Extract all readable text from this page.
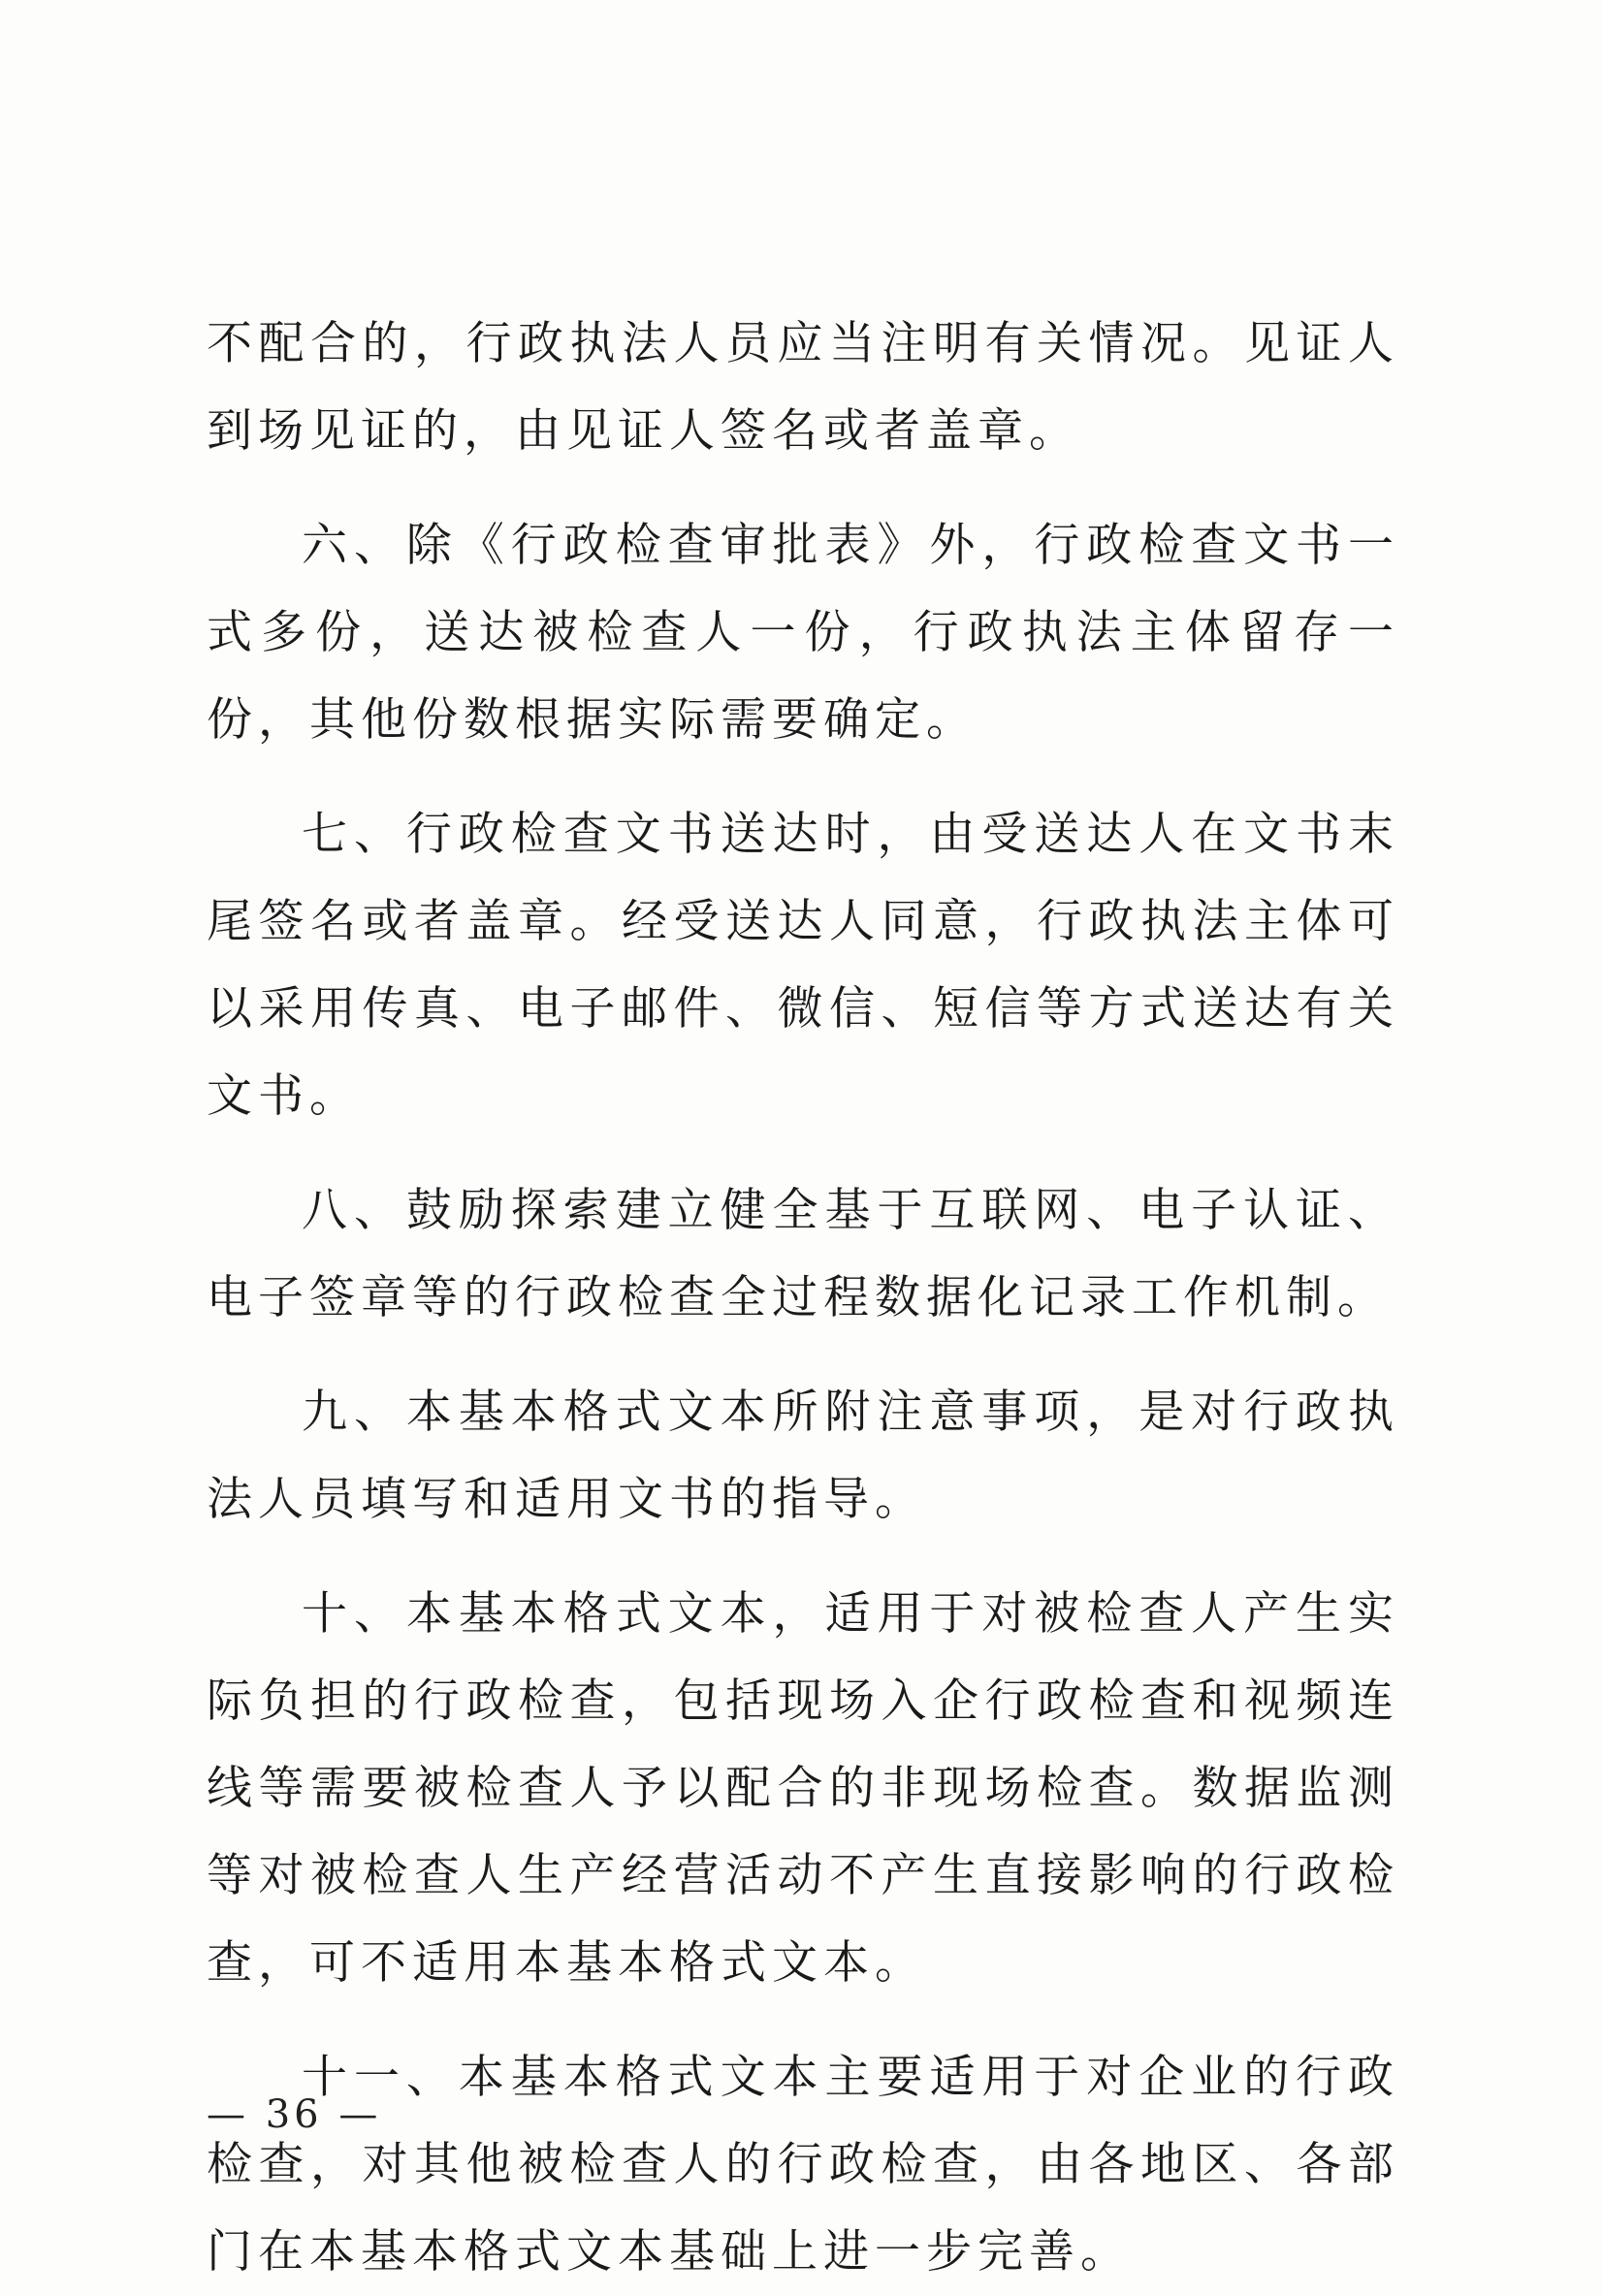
不配合的，行政执法人员应当注明有关情况。见证人到场见证的，由见证人签名或者盖章。

六、除《行政检查审批表》外，行政检查文书一式多份，送达被检查人一份，行政执法主体留存一份，其他份数根据实际需要确定。

七、行政检查文书送达时，由受送达人在文书末尾签名或者盖章。经受送达人同意，行政执法主体可以采用传真、电子邮件、微信、短信等方式送达有关文书。

八、鼓励探索建立健全基于互联网、电子认证、电子签章等的行政检查全过程数据化记录工作机制。

九、本基本格式文本所附注意事项，是对行政执法人员填写和适用文书的指导。

十、本基本格式文本，适用于对被检查人产生实际负担的行政检查，包括现场入企行政检查和视频连线等需要被检查人予以配合的非现场检查。数据监测等对被检查人生产经营活动不产生直接影响的行政检查，可不适用本基本格式文本。

十一、本基本格式文本主要适用于对企业的行政检查，对其他被检查人的行政检查，由各地区、各部门在本基本格式文本基础上进一步完善。

— 36 —
